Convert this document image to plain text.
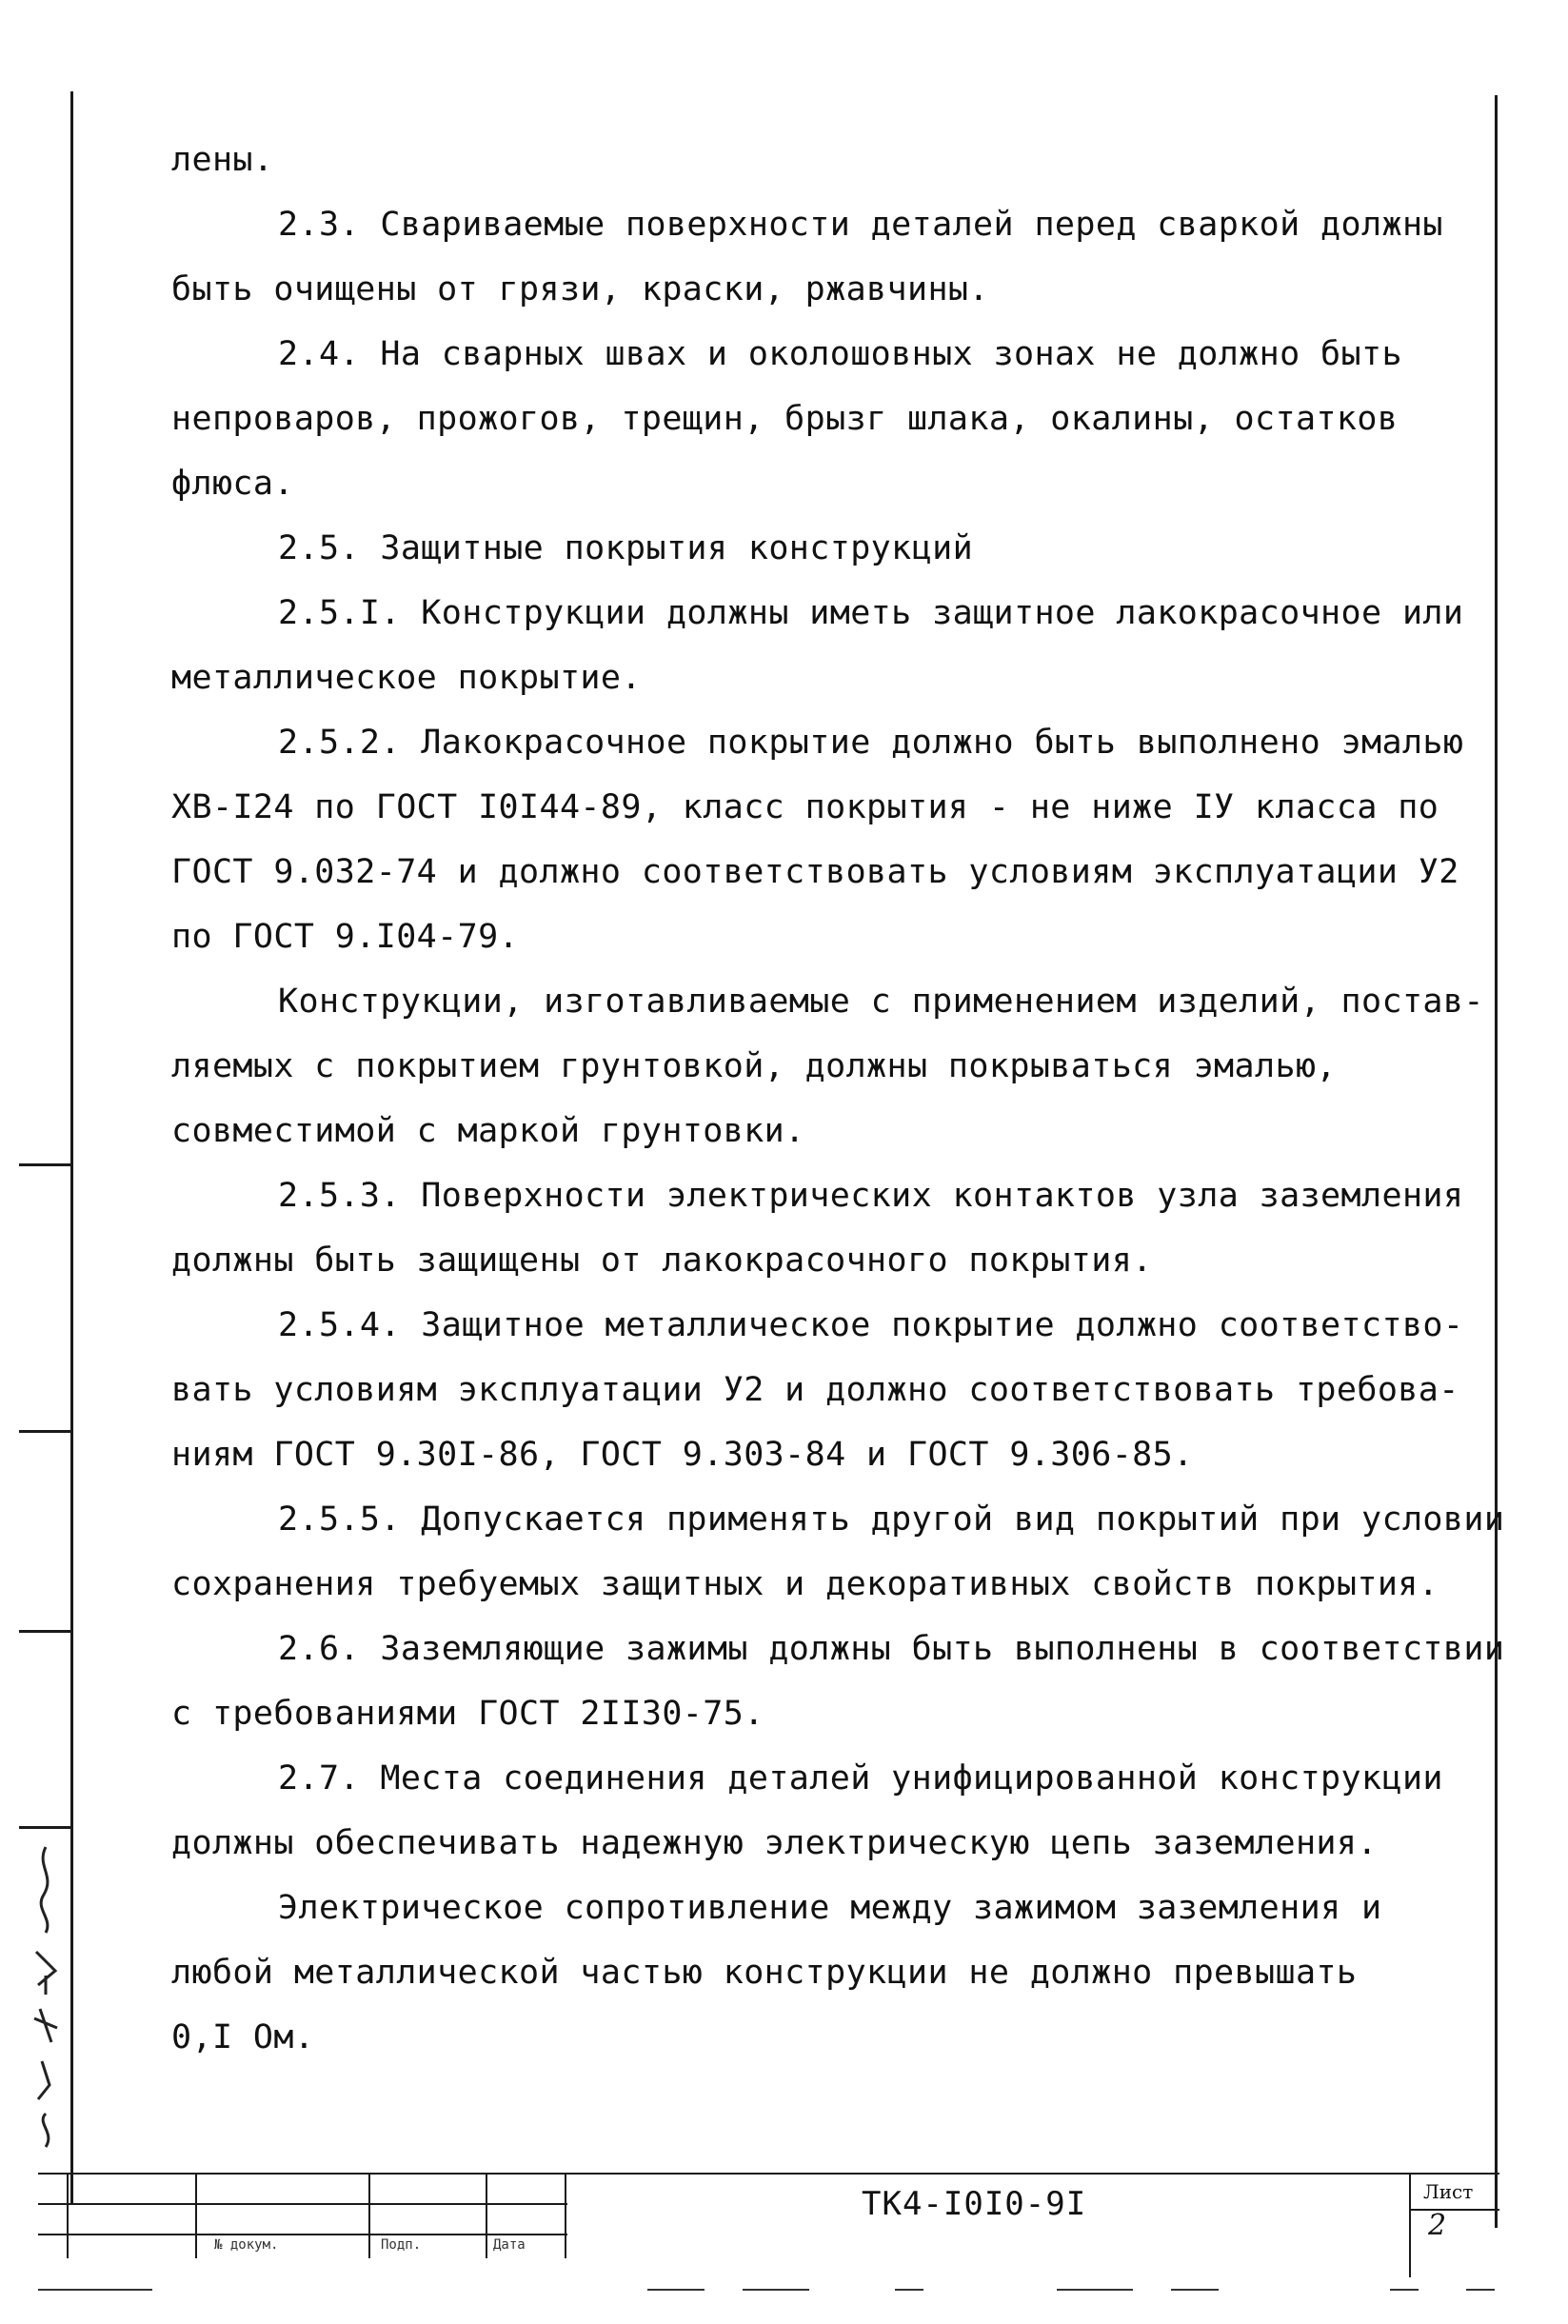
лены.
2.3. Свариваемые поверхности деталей перед сваркой должны
быть очищены от грязи, краски, ржавчины.
2.4. На сварных швах и околошовных зонах не должно быть
непроваров, прожогов, трещин, брызг шлака, окалины, остатков
флюса.
2.5. Защитные покрытия конструкций
2.5.I. Конструкции должны иметь защитное лакокрасочное или
металлическое покрытие.
2.5.2. Лакокрасочное покрытие должно быть выполнено эмалью
ХВ-I24 по ГОСТ I0I44-89, класс покрытия - не ниже IУ класса по
ГОСТ 9.032-74 и должно соответствовать условиям эксплуатации У2
по ГОСТ 9.I04-79.
Конструкции, изготавливаемые с применением изделий, постав-
ляемых с покрытием грунтовкой, должны покрываться эмалью,
совместимой с маркой грунтовки.
2.5.3. Поверхности электрических контактов узла заземления
должны быть защищены от лакокрасочного покрытия.
2.5.4. Защитное металлическое покрытие должно соответство-
вать условиям эксплуатации У2 и должно соответствовать требова-
ниям ГОСТ 9.30I-86, ГОСТ 9.303-84 и ГОСТ 9.306-85.
2.5.5. Допускается применять другой вид покрытий при условии
сохранения требуемых защитных и декоративных свойств покрытия.
2.6. Заземляющие зажимы должны быть выполнены в соответствии
с требованиями ГОСТ 2II30-75.
2.7. Места соединения деталей унифицированной конструкции
должны обеспечивать надежную электрическую цепь заземления.
Электрическое сопротивление между зажимом заземления и
любой металлической частью конструкции не должно превышать
0,I Ом.
№ докум.	Подп.	Дата
ТК4-I0I0-9I	Лист
2
